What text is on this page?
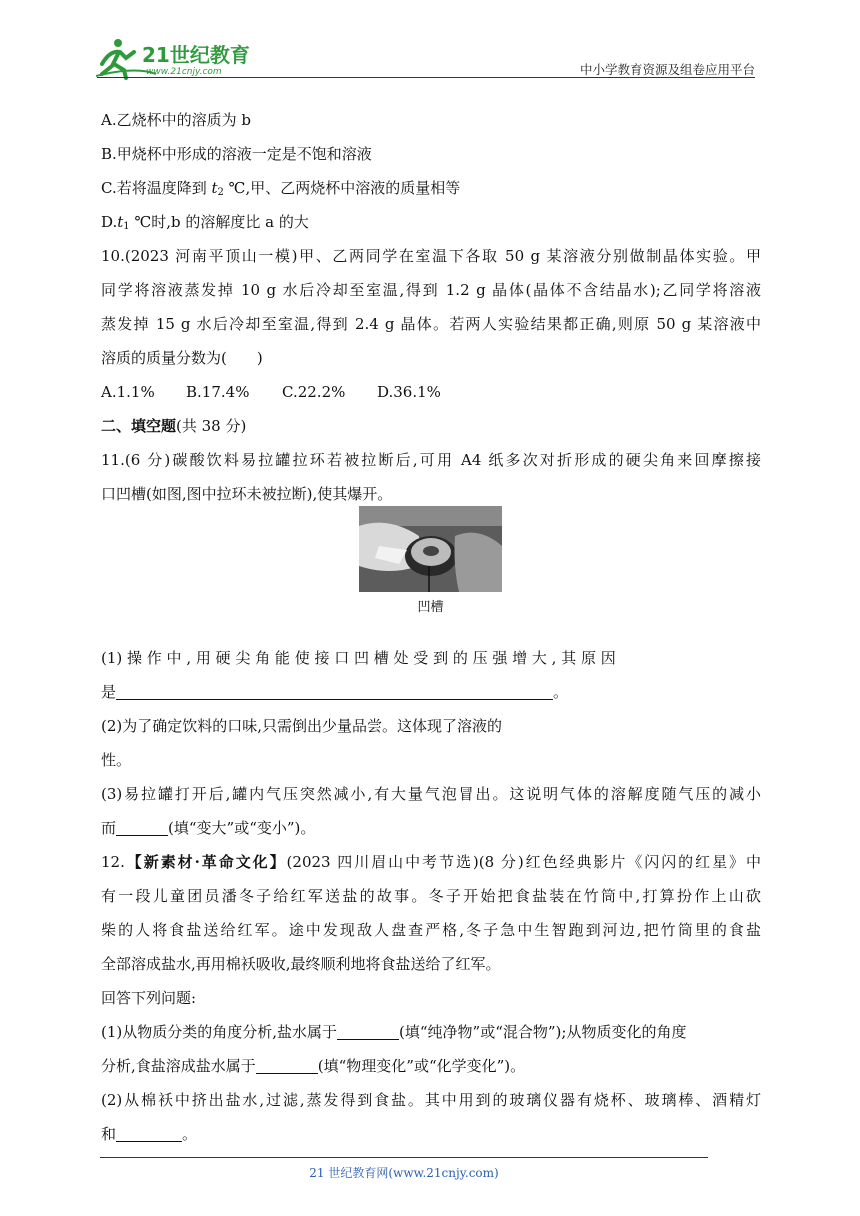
21世纪教育
www.21cnjy.com	中小学教育资源及组卷应用平台
A.乙烧杯中的溶质为 b
B.甲烧杯中形成的溶液一定是不饱和溶液
C.若将温度降到 $t_2$ ℃,甲、乙两烧杯中溶液的质量相等
$D.t_1$ ℃时,b 的溶解度比 a 的大
10.(2023 河南平顶山一模)甲、乙两同学在室温下各取 50 g 某溶液分别做制晶体实验。甲
同学将溶液蒸发掉 10 g 水后冷却至室温,得到 1.2 g 晶体(晶体不含结晶水);乙同学将溶液
蒸发掉 15 g 水后冷却至室温,得到 2.4 g 晶体。若两人实验结果都正确,则原 50 g 某溶液中
溶质的质量分数为(　　)
A.1.1% B.17.4% C.22.2% D.36.1%
二、填空题(共 38 分)
11.(6 分)碳酸饮料易拉罐拉环若被拉断后,可用 A4 纸多次对折形成的硬尖角来回摩擦接
口凹槽(如图,图中拉环未被拉断),使其爆开。
(1) 操 作 中 , 用 硬 尖 角 能 使 接 口 凹 槽 处 受 到 的 压 强 增 大 , 其 原 因
是	。
(2)为了确定饮料的口味,只需倒出少量品尝。这体现了溶液的
性。
(3)易拉罐打开后,罐内气压突然减小,有大量气泡冒出。这说明气体的溶解度随气压的减小
而	(填“变大”或“变小”)。
12.【新素材·革命文化】(2023 四川眉山中考节选)(8 分)红色经典影片《闪闪的红星》中
有一段儿童团员潘冬子给红军送盐的故事。冬子开始把食盐装在竹筒中,打算扮作上山砍
柴的人将食盐送给红军。途中发现敌人盘查严格,冬子急中生智跑到河边,把竹筒里的食盐
全部溶成盐水,再用棉袄吸收,最终顺利地将食盐送给了红军。
回答下列问题:
(1)从物质分类的角度分析,盐水属于	(填“纯净物”或“混合物”);从物质变化的角度
分析,食盐溶成盐水属于	(填“物理变化”或“化学变化”)。
(2)从棉袄中挤出盐水,过滤,蒸发得到食盐。其中用到的玻璃仪器有烧杯、玻璃棒、酒精灯
和	。
凹槽
21 世纪教育网(www.21cnjy.com)
